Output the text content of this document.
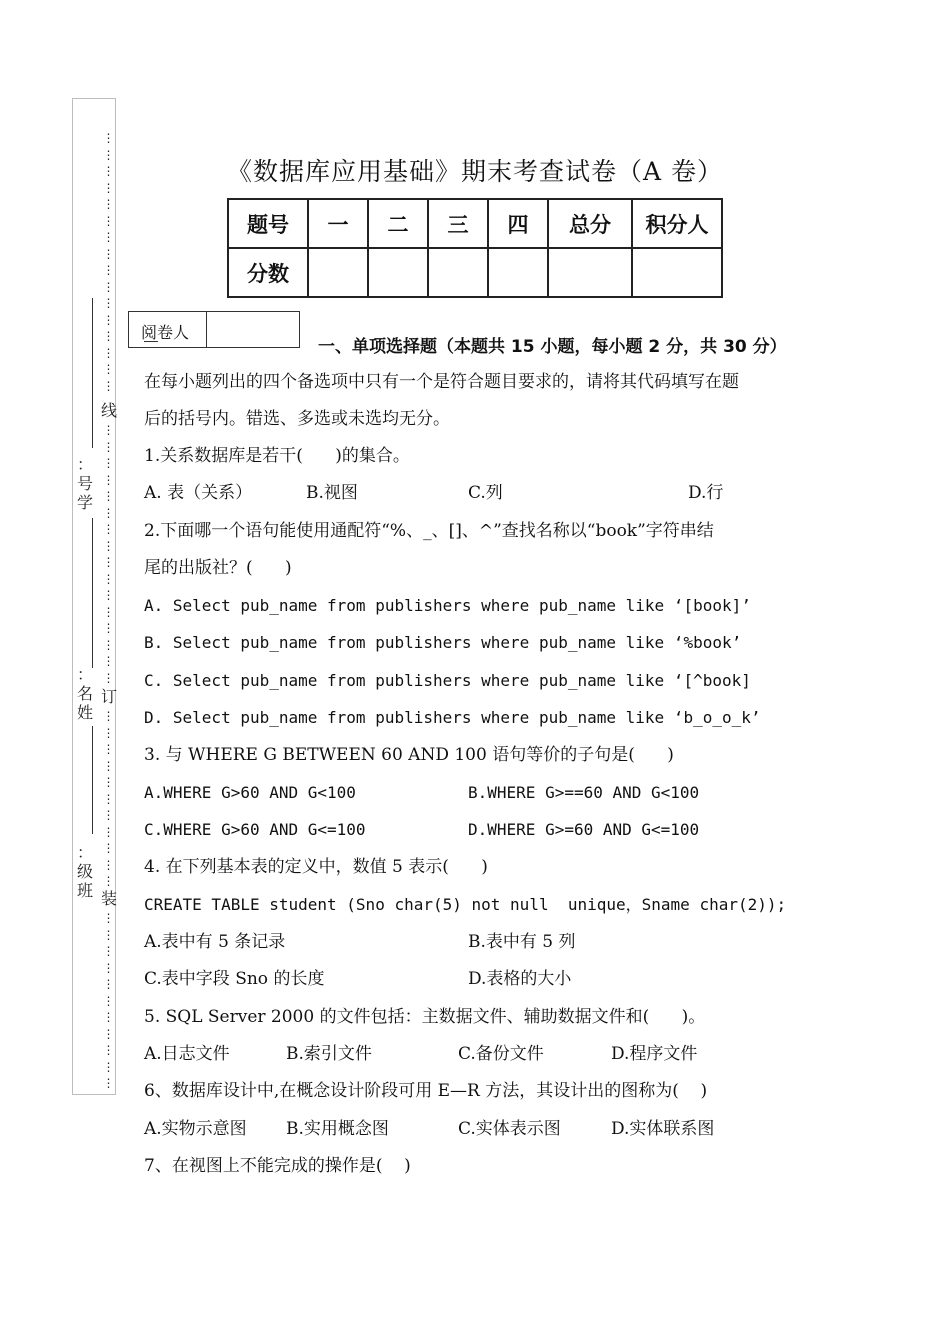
⋮
⋮
⋮
⋮
⋮
⋮
⋮
⋮
⋮
⋮
⋮
⋮
⋮
⋮
⋮
⋮
线
⋮
⋮
⋮
⋮
⋮
⋮
⋮
⋮
⋮
⋮
⋮
⋮
⋮
⋮
⋮
⋮
订
⋮
⋮
⋮
⋮
⋮
⋮
⋮
⋮
⋮
⋮
⋮
装
⋮
⋮
⋮
⋮
⋮
⋮
⋮
⋮
⋮
⋮
⋮
：号学
：名姓
：级班
《数据库应用基础》期末考查试卷（A 卷）
题号	一	二	三	四	总分	积分人
分数						
阅卷人
一、单项选择题（本题共 15 小题，每小题 2 分，共 30 分）
在每小题列出的四个备选项中只有一个是符合题目要求的，请将其代码填写在题
后的括号内。错选、多选或未选均无分。
1.关系数据库是若干(      )的集合。
A. 表（关系）	B.视图	C.列	D.行
2.下面哪一个语句能使用通配符“%、_、[]、^”查找名称以“book”字符串结
尾的出版社？(      )
A. Select pub_name from publishers where pub_name like ‘[book]’
B. Select pub_name from publishers where pub_name like ‘%book’
C. Select pub_name from publishers where pub_name like ‘[^book]
D. Select pub_name from publishers where pub_name like ‘b_o_o_k’
3. 与 WHERE G BETWEEN 60 AND 100 语句等价的子句是(      )
A.WHERE G>60 AND G<100	B.WHERE G>==60 AND G<100
C.WHERE G>60 AND G<=100	D.WHERE G>=60 AND G<=100
4. 在下列基本表的定义中，数值 5 表示(      )
CREATE TABLE student (Sno char(5) not null  unique，Sname char(2));
A.表中有 5 条记录	B.表中有 5 列
C.表中字段 Sno 的长度	D.表格的大小
5. SQL Server 2000 的文件包括：主数据文件、辅助数据文件和(      )。
A.日志文件	B.索引文件	C.备份文件	D.程序文件
6、数据库设计中,在概念设计阶段可用 E—R 方法，其设计出的图称为(    )
A.实物示意图 B.实用概念图	C.实体表示图	D.实体联系图
7、在视图上不能完成的操作是(    )
